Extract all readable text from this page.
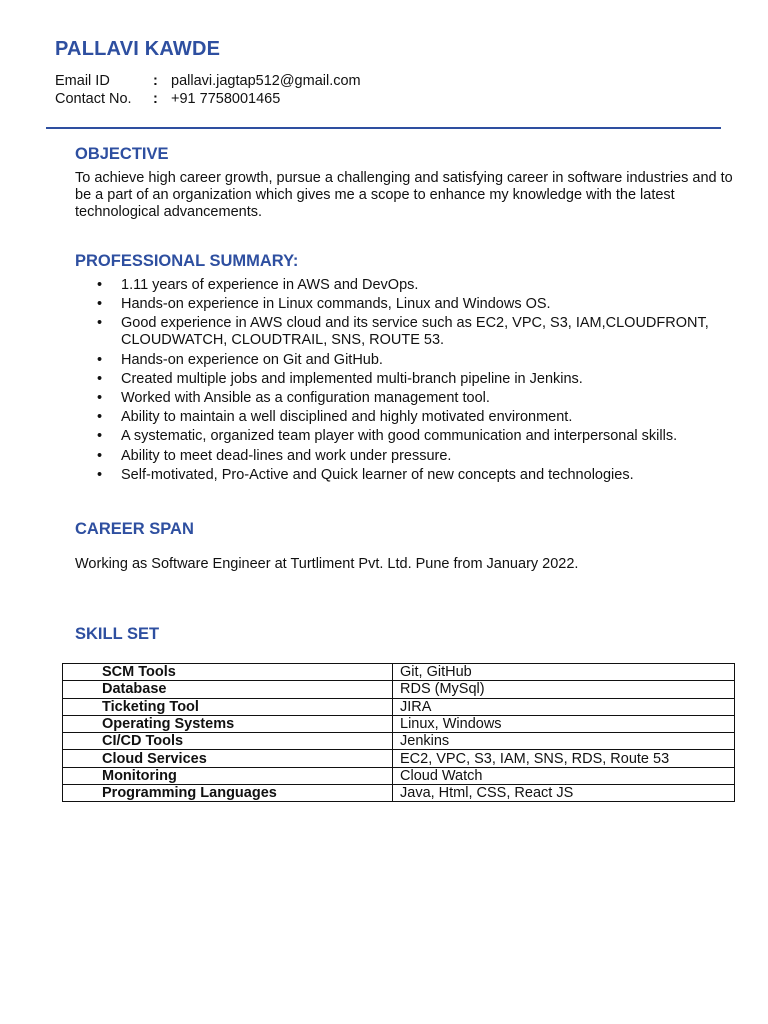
PALLAVI KAWDE
Email ID	: pallavi.jagtap512@gmail.com
Contact No. : +91 7758001465
OBJECTIVE
To achieve high career growth, pursue a challenging and satisfying career in software industries and to be a part of an organization which gives me a scope to enhance my knowledge with the latest technological advancements.
PROFESSIONAL SUMMARY:
• 1.11 years of experience in AWS and DevOps.
• Hands-on experience in Linux commands, Linux and Windows OS.
• Good experience in AWS cloud and its service such as EC2, VPC, S3, IAM,CLOUDFRONT, CLOUDWATCH, CLOUDTRAIL, SNS, ROUTE 53.
• Hands-on experience on Git and GitHub.
• Created multiple jobs and implemented multi-branch pipeline in Jenkins.
• Worked with Ansible as a configuration management tool.
• Ability to maintain a well disciplined and highly motivated environment.
• A systematic, organized team player with good communication and interpersonal skills.
• Ability to meet dead-lines and work under pressure.
• Self-motivated, Pro-Active and Quick learner of new concepts and technologies.
CAREER SPAN
Working as Software Engineer at Turtliment Pvt. Ltd. Pune from January 2022.
SKILL SET
SCM Tools	Git, GitHub
Database	RDS (MySql)
Ticketing Tool	JIRA
Operating Systems	Linux, Windows
CI/CD Tools	Jenkins
Cloud Services	EC2, VPC, S3, IAM, SNS, RDS, Route 53
Monitoring	Cloud Watch
Programming Languages	Java, Html, CSS, React JS
